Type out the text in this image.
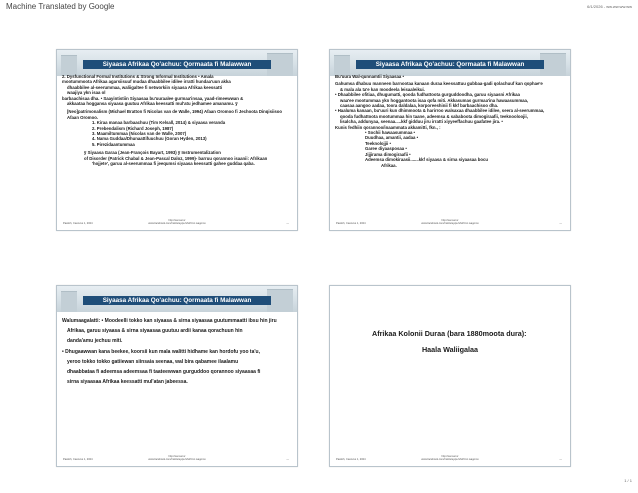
Machine Translated by Google	6/1/2026 - ww.ww.ww.ww
Siyaasa Afrikaa Qo'achuu: Qormaata fi Malawwan

2. Dysfunctional Formal Institutions & Strong Informal Institutions • Amala

mootummoota Afrikaa agarsiisuuf mudaa dhaabbilee idilee irratti hundaa'uun akka

dhaabbilee al-seerummaa, waliigaltee fi networkiin siyaasa Afrikaa keessatti

waajiya ykn isaa ol

barbaachisaa dha. • Saayintistiin Siyaasaa bu'uuraalee gurmaa'insaa, yaad-rimeewwan &

akkaataa hoggansa siyaasa guutuu Afrikaa keessatti mul'atu jedhamee amanamu. ȳ

[Neo]patrimonalism (Michael Bratton fi Nicolas van de Walle, 1994) Afaan Oromoo fi Jechoota Dinqisiisoo Afaan Oromoo.

1. Kiraa manaa barbaachuu (Tim Kelsall, 2014) & siyaasa veranda

2. Prebendalism (Richard Joseph, 1987)

3. Maamiltummaa (Nicolas van de Walle, 2007)

4. Nama Guddaa/Dhunaattifuuchuu (Goran Hyden, 2013)

5. Pirezidaantummaa

ȳ Siyaasa Garaa (Jean-François Bayart, 1993) ȳ Instrumentalization

of Disorder (Patrick Chabal & Jean-Pascal Daloz, 1999)- barruu qorannoo isaanii: Afrikaan

'hojjete', garuu al-seerummaa fi jeequmsi siyaasa keessatti gahee guddaa qaba.

Pawloh, Caonvus 1, 2024
http://sar.sar.sr
www.facebook.com/instituteyqa.h/tefl.fon.wagomo	—
Siyaasa Afrikaa Qo'achuu: Qormaata fi Malawwan

Bu'uura Wal-qunnamtii Siyaasaa •

Gahumsa dhabuu manneen barnootaa kanaan duraa keessattuu gubbaa-gadi qolachuuf kan qophae'e

& mala ala ta'e kan moodeela leisaaleikui.

• Dhaabbilee ofitiaa, dhugumatti, qooda fudhattoota gurguddoodha, garuu siyaasni Afrikaa

waa'ee mootummaa ykn hoggantoota isaa qofa miti. Akkasumas gurmaa'ina hawaasummaa,

caasaa aangoo aadaa, toora daldalaa, korporeeshinii fi kkf barbaachisoo dha.

• Haaluma kanaan, bu'uuri kun dhimmoota & harirroo walsaxaa dhaabbilee idilee, seera al-seerummaa,

qooda fudhattoota mootummaa hin taane, adeemsa & sababoota dimogiraafii, teeknooloojii,

lisalcha, addunyaa, seenaa.....kkf gidduu jiru irratti xiyyeeffachuu gaafatee jira. •

Kunis fedhiin qorannoo/inaammata akkamitti, fkn., :

• Sochii hawaasummaa •

Duudhaa, amantii, aadaa •

Teeknolojjii •

Garee diyaasposaa •

Jijjirama dimogiraafii •

Adeemsa dimokiraasii.......kkf siyaasa & sirna siyaasaa bocu

Afrikaa.

Pawloh, Caonvus 1, 2024
http://sar.sar.sr
www.facebook.com/instituteyqa.h/tefl.fon.wagomo	—
Siyaasa Afrikaa Qo'achuu: Qormaata fi Malawwan

Walumaagalatti: • Moodeelli tokko kan siyaasa & sirna siyaasaa guutummaatti ibsu hin jiru

Afrikaa, garuu siyaasa & sirna siyaasaa guutuu ardii kanaa qorachuun hin

danda'amu jechuu miti.

• Dhugaawwan kana beekee, koorsii kun mala walitti hidhame kan hordofu yoo ta'u,

yeroo tokko tokko gatiiewan siinsaia seenaa, wal bira qabamee ilaalamu

dhaabbataa fi adeemsa adeemsaa fi taateewwan gurguddoo qorannoo siyaasaa fi

sirna siyaasaa Afrikaa keessatti mul'atan jabeessa.

Pawloh, Caonvus 1, 2024
http://sar.sar.sr
www.facebook.com/instituteyqa.h/tefl.fon.wagomo	—
Afrikaa Kolonii Duraa (bara 1880moota dura):
Haala Waliigalaa
Pawloh, Caonvus 1, 2024
http://sar.sar.sr
www.facebook.com/instituteyqa.h/tefl.fon.wagomo	—
1 / 1
